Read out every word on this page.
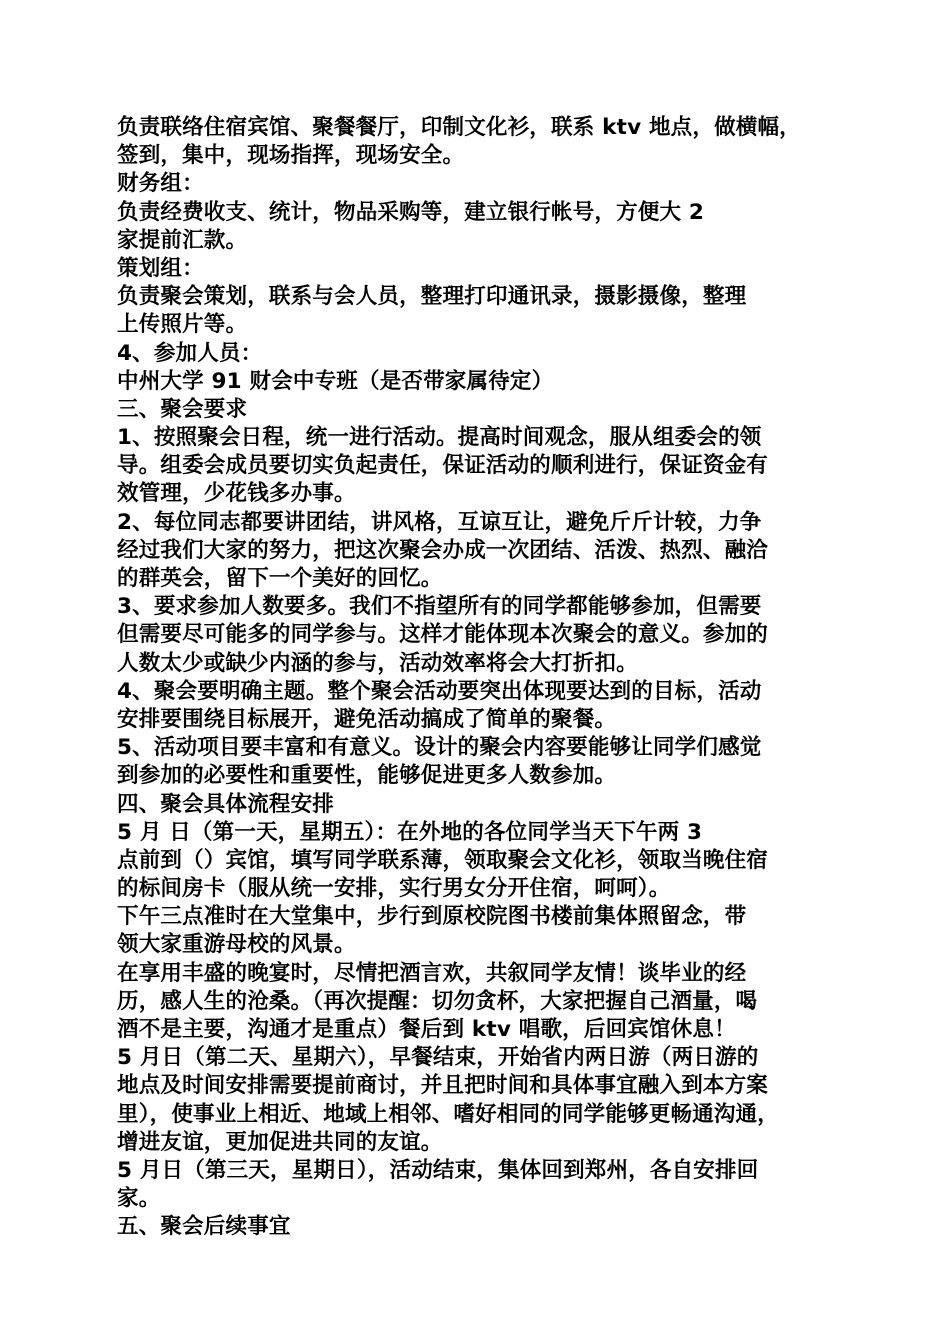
负责联络住宿宾馆、聚餐餐厅，印制文化衫，联系 ktv 地点，做横幅，
签到，集中，现场指挥，现场安全。
财务组：
负责经费收支、统计，物品采购等，建立银行帐号，方便大 2
家提前汇款。
策划组：
负责聚会策划，联系与会人员，整理打印通讯录，摄影摄像，整理
上传照片等。
4、参加人员：
中州大学 91 财会中专班（是否带家属待定）
三、聚会要求
1、按照聚会日程，统一进行活动。提高时间观念，服从组委会的领
导。组委会成员要切实负起责任，保证活动的顺利进行，保证资金有
效管理，少花钱多办事。
2、每位同志都要讲团结，讲风格，互谅互让，避免斤斤计较，力争
经过我们大家的努力，把这次聚会办成一次团结、活泼、热烈、融洽
的群英会，留下一个美好的回忆。
3、要求参加人数要多。我们不指望所有的同学都能够参加，但需要
但需要尽可能多的同学参与。这样才能体现本次聚会的意义。参加的
人数太少或缺少内涵的参与，活动效率将会大打折扣。
4、聚会要明确主题。整个聚会活动要突出体现要达到的目标，活动
安排要围绕目标展开，避免活动搞成了简单的聚餐。
5、活动项目要丰富和有意义。设计的聚会内容要能够让同学们感觉
到参加的必要性和重要性，能够促进更多人数参加。
四、聚会具体流程安排
5 月 日（第一天，星期五）：在外地的各位同学当天下午两 3
点前到（）宾馆，填写同学联系薄，领取聚会文化衫，领取当晚住宿
的标间房卡（服从统一安排，实行男女分开住宿，呵呵）。
下午三点准时在大堂集中，步行到原校院图书楼前集体照留念，带
领大家重游母校的风景。
在享用丰盛的晚宴时，尽情把酒言欢，共叙同学友情！谈毕业的经
历，感人生的沧桑。（再次提醒：切勿贪杯，大家把握自己酒量，喝
酒不是主要，沟通才是重点）餐后到 ktv 唱歌，后回宾馆休息！
5 月日（第二天、星期六），早餐结束，开始省内两日游（两日游的
地点及时间安排需要提前商讨，并且把时间和具体事宜融入到本方案
里），使事业上相近、地域上相邻、嗜好相同的同学能够更畅通沟通，
增进友谊，更加促进共同的友谊。
5 月日（第三天，星期日），活动结束，集体回到郑州，各自安排回
家。
五、聚会后续事宜
